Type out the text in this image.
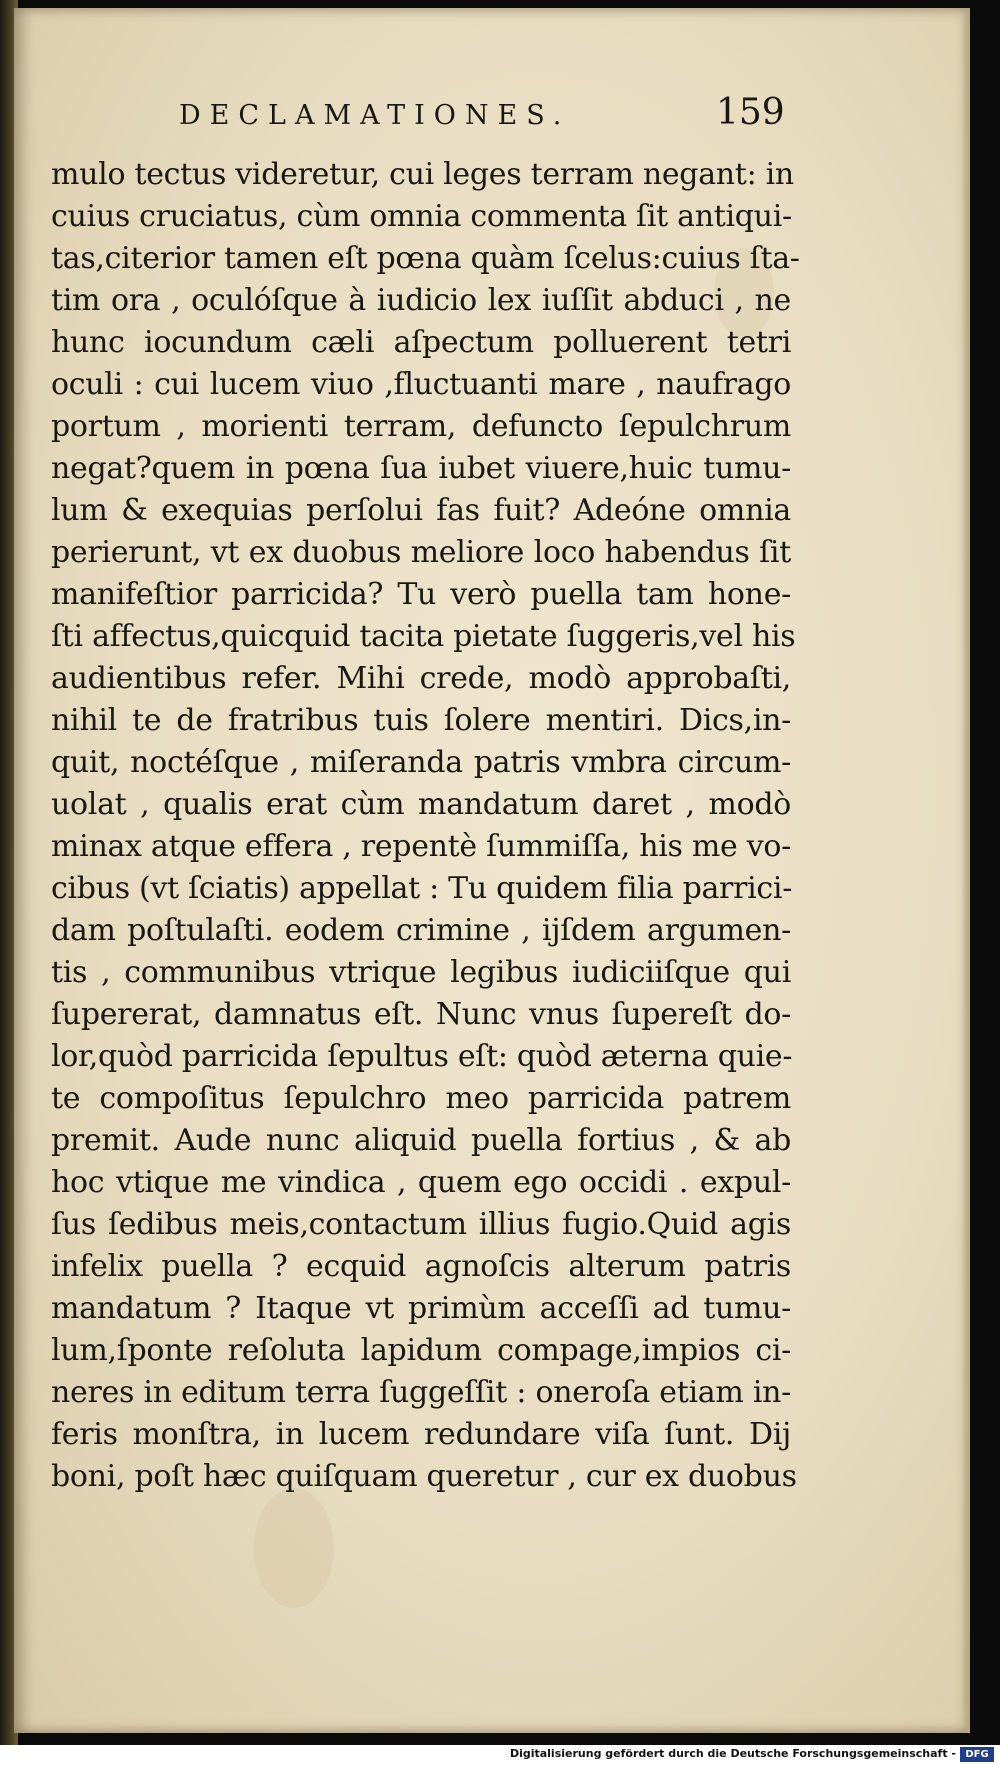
DECLAMATIONES.	159
mulo tectus videretur, cui leges terram negant: in
cuius cruciatus, cùm omnia commenta ſit antiqui-
tas,citerior tamen eſt pœna quàm ſcelus:cuius ſta-
tim ora , oculóſque à iudicio lex iuſſit abduci , ne
hunc iocundum cæli aſpectum polluerent tetri
oculi : cui lucem viuo ,fluctuanti mare , naufrago
portum , morienti terram, defuncto ſepulchrum
negat?quem in pœna ſua iubet viuere,huic tumu-
lum & exequias perſolui fas fuit? Adeóne omnia
perierunt, vt ex duobus meliore loco habendus ſit
manifeſtior parricida? Tu verò puella tam hone-
ſti affectus,quicquid tacita pietate ſuggeris,vel his
audientibus refer. Mihi crede, modò approbaſti,
nihil te de fratribus tuis ſolere mentiri. Dics,in-
quit, noctéſque , miſeranda patris vmbra circum-
uolat , qualis erat cùm mandatum daret , modò
minax atque effera , repentè ſummiſſa, his me vo-
cibus (vt ſciatis) appellat : Tu quidem filia parrici-
dam poſtulaſti. eodem crimine , ijſdem argumen-
tis , communibus vtrique legibus iudiciiſque qui
ſupererat, damnatus eſt. Nunc vnus ſupereſt do-
lor,quòd parricida ſepultus eſt: quòd æterna quie-
te compoſitus ſepulchro meo parricida patrem
premit. Aude nunc aliquid puella fortius , & ab
hoc vtique me vindica , quem ego occidi . expul-
ſus ſedibus meis,contactum illius fugio.Quid agis
infelix puella ? ecquid agnoſcis alterum patris
mandatum ? Itaque vt primùm acceſſi ad tumu-
lum,ſponte reſoluta lapidum compage,impios ci-
neres in editum terra ſuggeſſit : oneroſa etiam in-
feris monſtra, in lucem redundare viſa ſunt. Dij
boni, poſt hæc quiſquam queretur , cur ex duobus
Digitalisierung gefördert durch die Deutsche Forschungsgemeinschaft - DFG
